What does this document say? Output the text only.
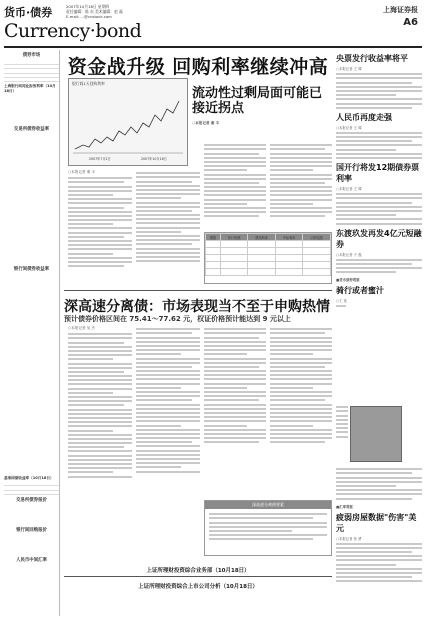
货币·债券
Currency·bond
2007年10月18日 星期四
责任编辑：陈 东 美术编辑：赵 磊
E-mail: …@cnstock.com
上海证券报
A6
债券市场

上海银行间同业拆放利率（10月18日）
交易所债券收益率
银行间债券收益率
基准国债收益率（10月18日）

交易所债券报价
银行间回购报价
人民币中间汇率
资金战升级 回购利率继续冲高
银行间1天回购利率
2007年7月2日	2007年10月18日
流动性过剩局面可能已接近拐点
○本报记者 秦 丰
○本报记者 秦 丰
期限	发行规模	票面利率	中标利率	认购倍数

深高速分离债：市场表现当不至于申购热情
预计债券价格区间在 75.41～77.62 元，权证价格预计能达到 9 元以上
○本报记者 吴 杰
深高速分离债要素
上证所理财投资综合业务部（10月18日）
上证所理财投资综合上市公司分析（10月18日）
央票发行收益率将平
○本报记者 王 谭
人民币再度走强
○本报记者 王 谭
国开行将发12期债券票利率
○本报记者 王 谭
东渡玖发再发4亿元短融券
○本报记者 于 磊
■货币债券观察
骑行或者蜜汁
○王 逸
■汇率观察
疲弱房屋数据"伤害"美元
○本报记者 张 勇
